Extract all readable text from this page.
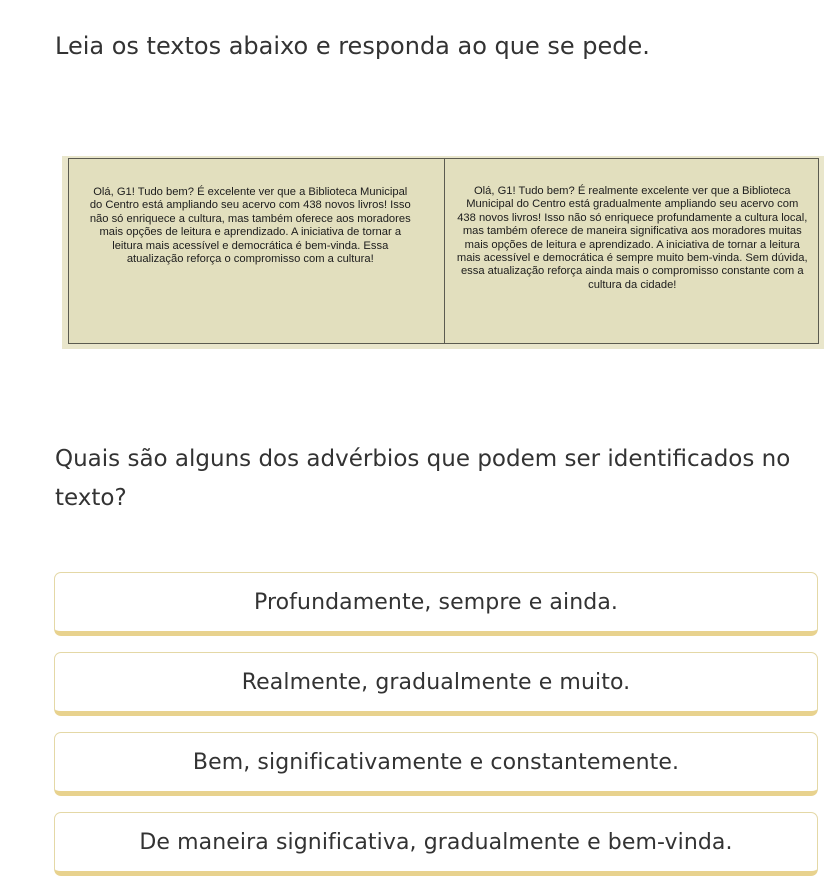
Leia os textos abaixo e responda ao que se pede.
Olá, G1! Tudo bem? É excelente ver que a Biblioteca Municipal do Centro está ampliando seu acervo com 438 novos livros! Isso não só enriquece a cultura, mas também oferece aos moradores mais opções de leitura e aprendizado. A iniciativa de tornar a leitura mais acessível e democrática é bem-vinda. Essa atualização reforça o compromisso com a cultura!
Olá, G1! Tudo bem? É realmente excelente ver que a Biblioteca Municipal do Centro está gradualmente ampliando seu acervo com 438 novos livros! Isso não só enriquece profundamente a cultura local, mas também oferece de maneira significativa aos moradores muitas mais opções de leitura e aprendizado. A iniciativa de tornar a leitura mais acessível e democrática é sempre muito bem-vinda. Sem dúvida, essa atualização reforça ainda mais o compromisso constante com a cultura da cidade!

Quais são alguns dos advérbios que podem ser identificados no texto?

Profundamente, sempre e ainda.
Realmente, gradualmente e muito.
Bem, significativamente e constantemente.
De maneira significativa, gradualmente e bem-vinda.
